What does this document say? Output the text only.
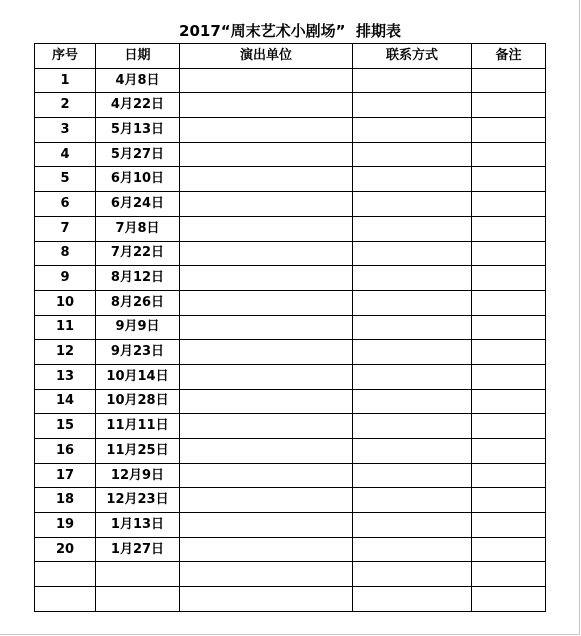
2017“周末艺术小剧场”  排期表
序号	日期	演出单位	联系方式	备注
1	4月8日			
2	4月22日			
3	5月13日			
4	5月27日			
5	6月10日			
6	6月24日			
7	7月8日			
8	7月22日			
9	8月12日			
10	8月26日			
11	9月9日			
12	9月23日			
13	10月14日			
14	10月28日			
15	11月11日			
16	11月25日			
17	12月9日			
18	12月23日			
19	1月13日			
20	1月27日			
